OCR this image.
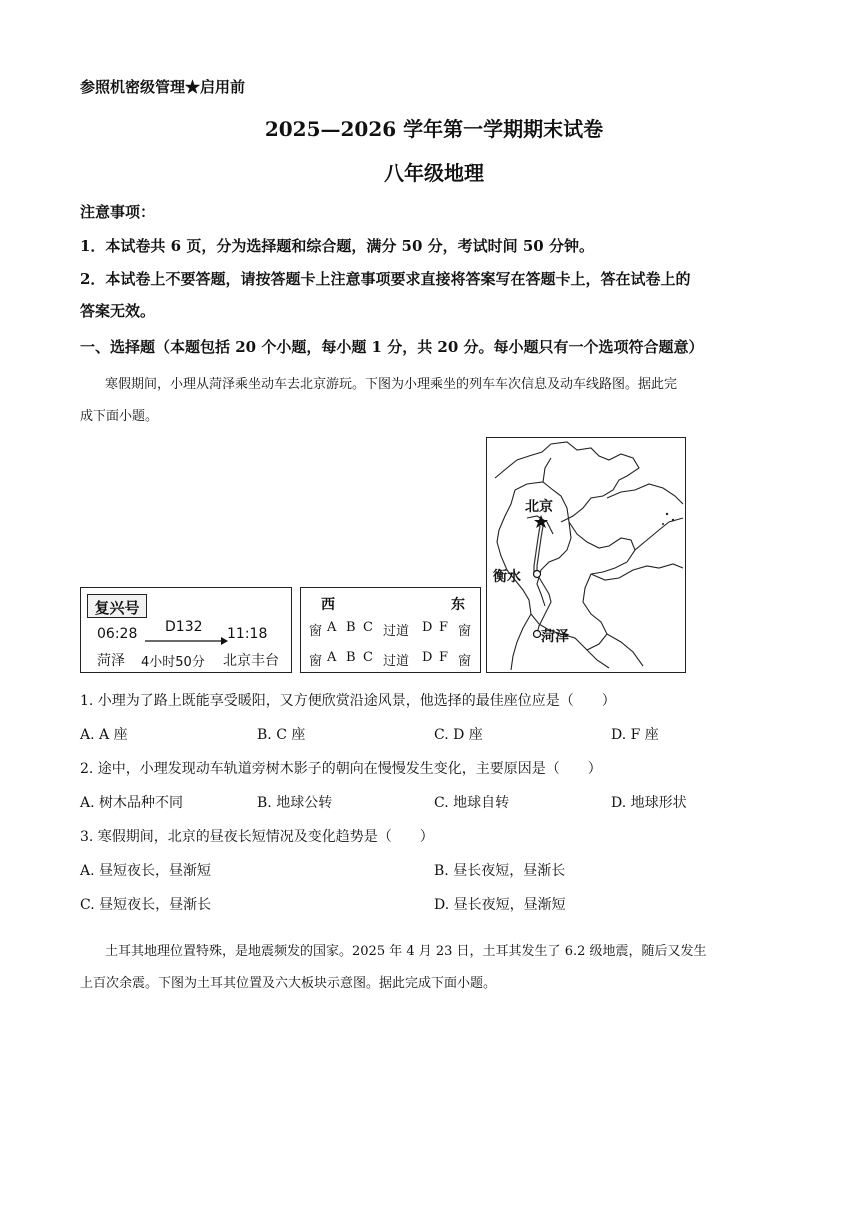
参照机密级管理★启用前
2025—2026 学年第一学期期末试卷
八年级地理
注意事项：
1．本试卷共 6 页，分为选择题和综合题，满分 50 分，考试时间 50 分钟。
2．本试卷上不要答题，请按答题卡上注意事项要求直接将答案写在答题卡上，答在试卷上的
答案无效。
一、选择题（本题包括 20 个小题，每小题 1 分，共 20 分。每小题只有一个选项符合题意）
寒假期间，小理从菏泽乘坐动车去北京游玩。下图为小理乘坐的列车车次信息及动车线路图。据此完
成下面小题。
复兴号
06:28 D132 11:18
菏泽 4小时50分 北京丰台
西	东
窗 A B C 过道 D F 窗
窗 A B C 过道 D F 窗
北京
衡水
菏泽
1. 小理为了路上既能享受暖阳，又方便欣赏沿途风景，他选择的最佳座位应是（　　）
A. A 座	B. C 座	C. D 座	D. F 座
2. 途中，小理发现动车轨道旁树木影子的朝向在慢慢发生变化，主要原因是（　　）
A. 树木品种不同	B. 地球公转	C. 地球自转	D. 地球形状
3. 寒假期间，北京的昼夜长短情况及变化趋势是（　　）
A. 昼短夜长，昼渐短	B. 昼长夜短，昼渐长
C. 昼短夜长，昼渐长	D. 昼长夜短，昼渐短
土耳其地理位置特殊，是地震频发的国家。2025 年 4 月 23 日，土耳其发生了 6.2 级地震，随后又发生
上百次余震。下图为土耳其位置及六大板块示意图。据此完成下面小题。
